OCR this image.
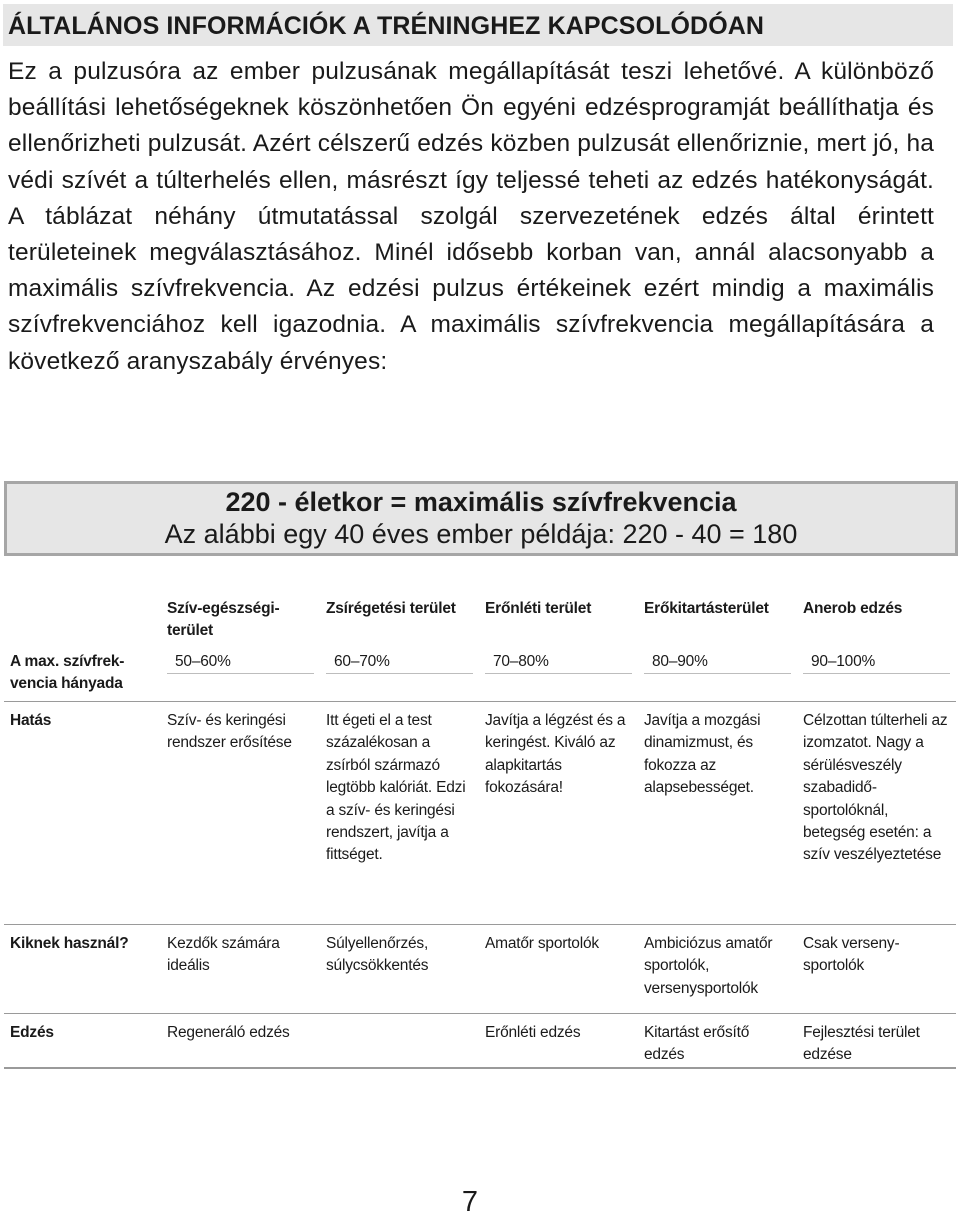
ÁLTALÁNOS INFORMÁCIÓK A TRÉNINGHEZ KAPCSOLÓDÓAN

Ez a pulzusóra az ember pulzusának megállapítását teszi lehetővé. A különböző beállítási lehetőségeknek köszönhetően Ön egyéni edzésprogramját beállíthatja és ellenőrizheti pulzusát. Azért célszerű edzés közben pulzusát ellenőriznie, mert jó, ha védi szívét a túlterhelés ellen, másrészt így teljessé teheti az edzés hatékonyságát. A táblázat néhány útmutatással szolgál szervezetének edzés által érintett területeinek megválasztásához. Minél idősebb korban van, annál alacsonyabb a maximális szívfrekvencia. Az edzési pulzus értékeinek ezért mindig a maximális szívfrekvenciához kell igazodnia. A maximális szívfrekvencia megállapítására a következő aranyszabály érvényes:

220 - életkor = maximális szívfrekvencia
Az alábbi egy 40 éves ember példája: 220 - 40 = 180
	Szív-egészségiterület	Zsírégetési terület	Erőnléti terület	Erőkitartásterület	Anerob edzés
A max. szívfrekvencia hányada	50–60%	60–70%	70–80%	80–90%	90–100%

Hatás	Szív- és keringési rendszer erősítése	Itt égeti el a test százalékosan a zsírból származó legtöbb kalóriát. Edzi a szív- és keringési rendszert, javítja a fittséget.	Javítja a légzést és a keringést. Kiváló az alapkitartás fokozására!	Javítja a mozgási dinamizmust, és fokozza az alapsebességet.	Célzottan túlterheli az izomzatot. Nagy a sérülésveszély szabadidősportolóknál, betegség esetén: a szív veszélyeztetése
Kiknek használ?	Kezdők számára ideális	Súlyellenőrzés, súlycsökkentés	Amatőr sportolók	Ambiciózus amatőr sportolók, versenysportolók	Csak versenysportolók
Edzés	Regeneráló edzés		Erőnléti edzés	Kitartást erősítő edzés	Fejlesztési terület edzése
7
